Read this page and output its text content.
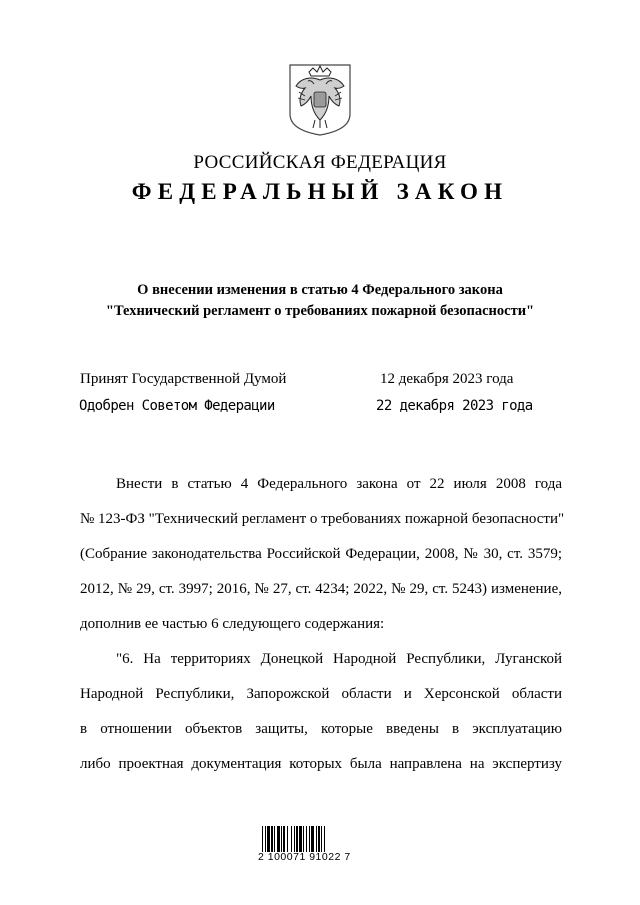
РОССИЙСКАЯ ФЕДЕРАЦИЯ
ФЕДЕРАЛЬНЫЙ ЗАКОН
О внесении изменения в статью 4 Федерального закона
"Технический регламент о требованиях пожарной безопасности"
Принят Государственной Думой	12 декабря 2023 года
Одобрен Советом Федерации	22 декабря 2023 года
Внести в статью 4 Федерального закона от 22 июля 2008 года
№ 123-ФЗ "Технический регламент о требованиях пожарной безопасности"
(Собрание законодательства Российской Федерации, 2008, № 30, ст. 3579;
2012, № 29, ст. 3997; 2016, № 27, ст. 4234; 2022, № 29, ст. 5243) изменение,
дополнив ее частью 6 следующего содержания:
"6. На территориях Донецкой Народной Республики, Луганской
Народной Республики, Запорожской области и Херсонской области
в отношении объектов защиты, которые введены в эксплуатацию
либо проектная документация которых была направлена на экспертизу
2 100071 91022 7
